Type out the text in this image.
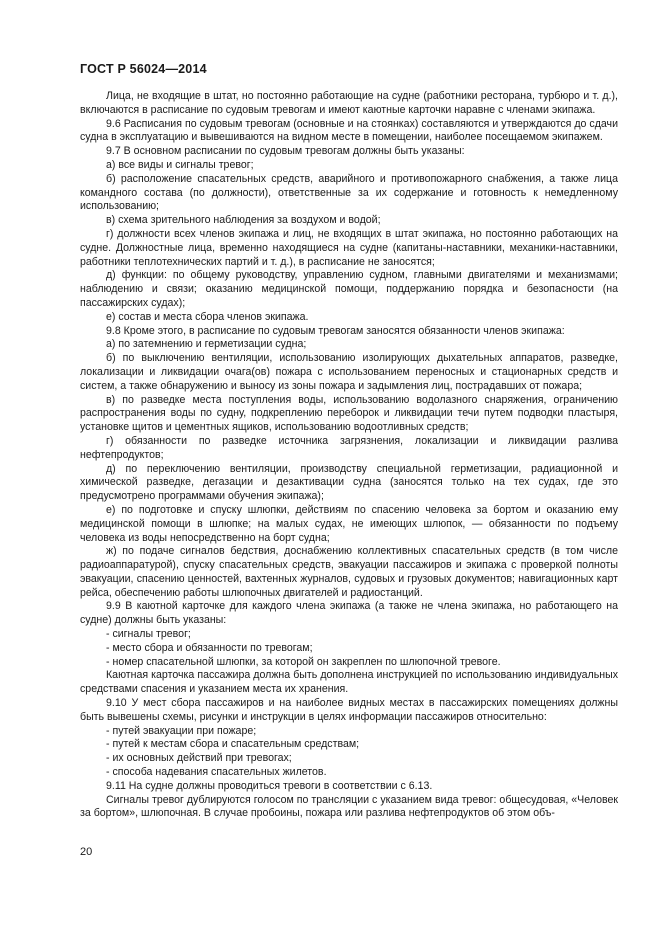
ГОСТ Р 56024—2014

Лица, не входящие в штат, но постоянно работающие на судне (работники ресторана, турбюро и т. д.), включаются в расписание по судовым тревогам и имеют каютные карточки наравне с членами экипажа.

9.6 Расписания по судовым тревогам (основные и на стоянках) составляются и утверждаются до сдачи судна в эксплуатацию и вывешиваются на видном месте в помещении, наиболее посещаемом экипажем.

9.7 В основном расписании по судовым тревогам должны быть указаны:

а) все виды и сигналы тревог;

б) расположение спасательных средств, аварийного и противопожарного снабжения, а также лица командного состава (по должности), ответственные за их содержание и готовность к немедленному использованию;

в) схема зрительного наблюдения за воздухом и водой;

г) должности всех членов экипажа и лиц, не входящих в штат экипажа, но постоянно работающих на судне. Должностные лица, временно находящиеся на судне (капитаны-наставники, механики-наставники, работники теплотехнических партий и т. д.), в расписание не заносятся;

д) функции: по общему руководству, управлению судном, главными двигателями и механизмами; наблюдению и связи; оказанию медицинской помощи, поддержанию порядка и безопасности (на пассажирских судах);

е) состав и места сбора членов экипажа.

9.8 Кроме этого, в расписание по судовым тревогам заносятся обязанности членов экипажа:

а) по затемнению и герметизации судна;

б) по выключению вентиляции, использованию изолирующих дыхательных аппаратов, разведке, локализации и ликвидации очага(ов) пожара с использованием переносных и стационарных средств и систем, а также обнаружению и выносу из зоны пожара и задымления лиц, пострадавших от пожара;

в) по разведке места поступления воды, использованию водолазного снаряжения, ограничению распространения воды по судну, подкреплению переборок и ликвидации течи путем подводки пластыря, установке щитов и цементных ящиков, использованию водоотливных средств;

г) обязанности по разведке источника загрязнения, локализации и ликвидации разлива нефтепродуктов;

д) по переключению вентиляции, производству специальной герметизации, радиационной и химической разведке, дегазации и дезактивации судна (заносятся только на тех судах, где это предусмотрено программами обучения экипажа);

е) по подготовке и спуску шлюпки, действиям по спасению человека за бортом и оказанию ему медицинской помощи в шлюпке; на малых судах, не имеющих шлюпок, — обязанности по подъему человека из воды непосредственно на борт судна;

ж) по подаче сигналов бедствия, доснабжению коллективных спасательных средств (в том числе радиоаппаратурой), спуску спасательных средств, эвакуации пассажиров и экипажа с проверкой полноты эвакуации, спасению ценностей, вахтенных журналов, судовых и грузовых документов; навигационных карт рейса, обеспечению работы шлюпочных двигателей и радиостанций.

9.9 В каютной карточке для каждого члена экипажа (а также не члена экипажа, но работающего на судне) должны быть указаны:

- сигналы тревог;

- место сбора и обязанности по тревогам;

- номер спасательной шлюпки, за которой он закреплен по шлюпочной тревоге.

Каютная карточка пассажира должна быть дополнена инструкцией по использованию индивидуальных средствами спасения и указанием места их хранения.

9.10 У мест сбора пассажиров и на наиболее видных местах в пассажирских помещениях должны быть вывешены схемы, рисунки и инструкции в целях информации пассажиров относительно:

- путей эвакуации при пожаре;

- путей к местам сбора и спасательным средствам;

- их основных действий при тревогах;

- способа надевания спасательных жилетов.

9.11 На судне должны проводиться тревоги в соответствии с 6.13.

Сигналы тревог дублируются голосом по трансляции с указанием вида тревог: общесудовая, «Человек за бортом», шлюпочная. В случае пробоины, пожара или разлива нефтепродуктов об этом объ-

20
